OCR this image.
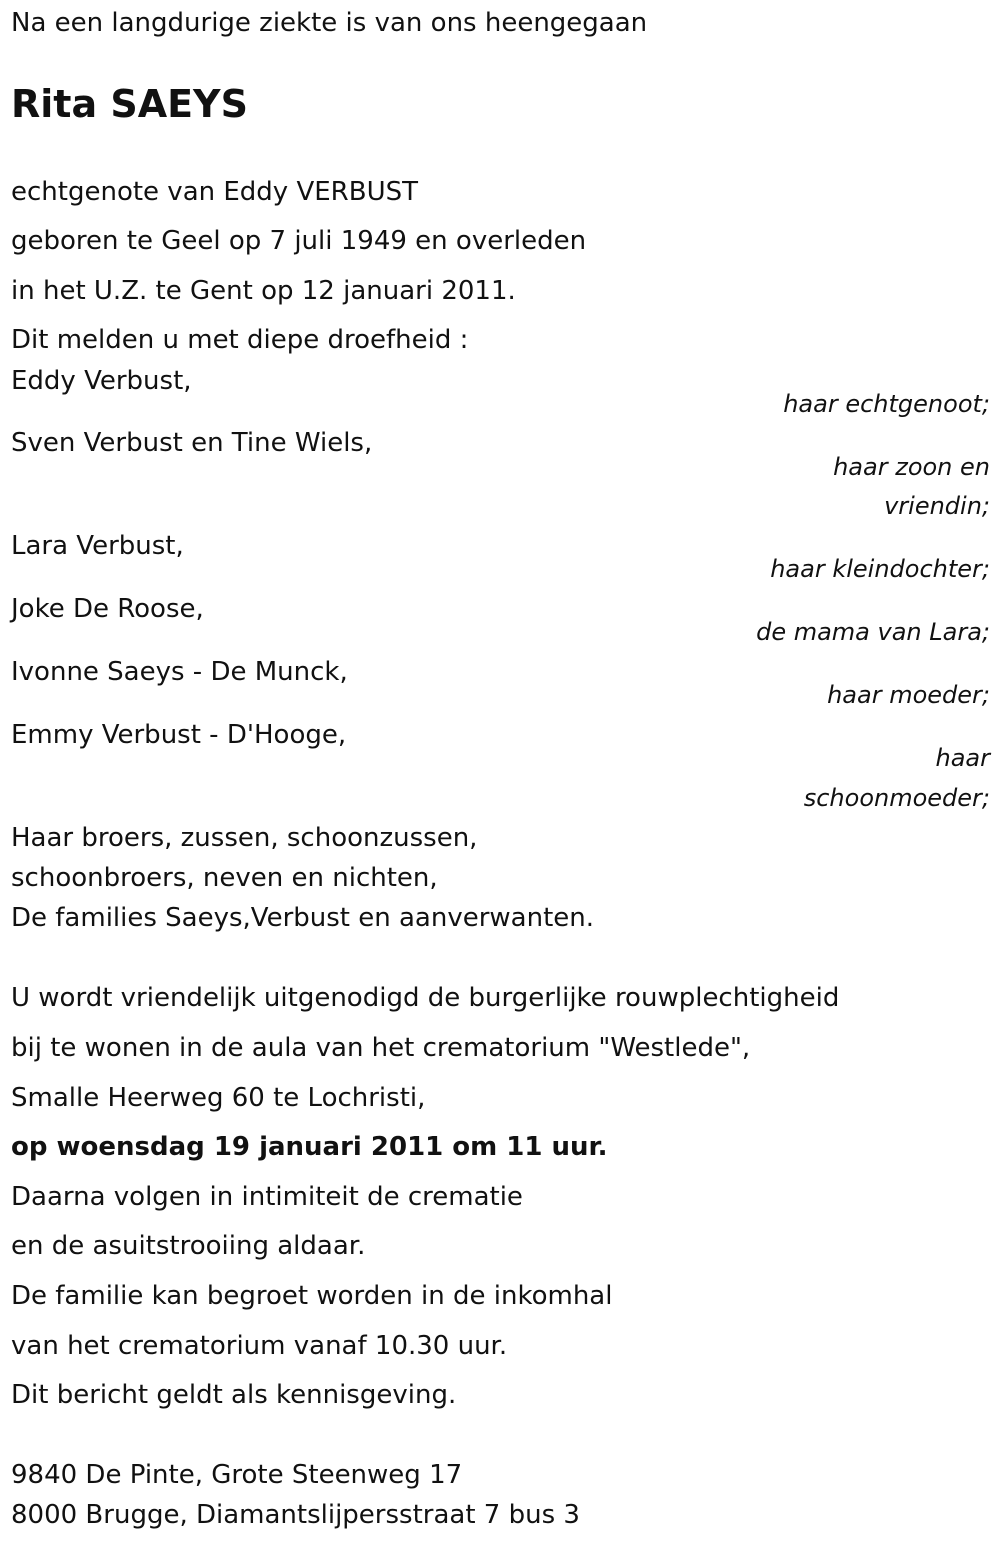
Na een langdurige ziekte is van ons heengegaan
Rita SAEYS
echtgenote van Eddy VERBUST
geboren te Geel op 7 juli 1949 en overleden
in het U.Z. te Gent op 12 januari 2011.
Dit melden u met diepe droefheid :
Eddy Verbust,
haar echtgenoot;
Sven Verbust en Tine Wiels,
haar zoon en
vriendin;
Lara Verbust,
haar kleindochter;
Joke De Roose,
de mama van Lara;
Ivonne Saeys - De Munck,
haar moeder;
Emmy Verbust - D'Hooge,
haar
schoonmoeder;
Haar broers, zussen, schoonzussen,
schoonbroers, neven en nichten,
De families Saeys,Verbust en aanverwanten.
U wordt vriendelijk uitgenodigd de burgerlijke rouwplechtigheid
bij te wonen in de aula van het crematorium "Westlede",
Smalle Heerweg 60 te Lochristi,
op woensdag 19 januari 2011 om 11 uur.
Daarna volgen in intimiteit de crematie
en de asuitstrooiing aldaar.
De familie kan begroet worden in de inkomhal
van het crematorium vanaf 10.30 uur.
Dit bericht geldt als kennisgeving.
9840 De Pinte, Grote Steenweg 17
8000 Brugge, Diamantslijpersstraat 7 bus 3
